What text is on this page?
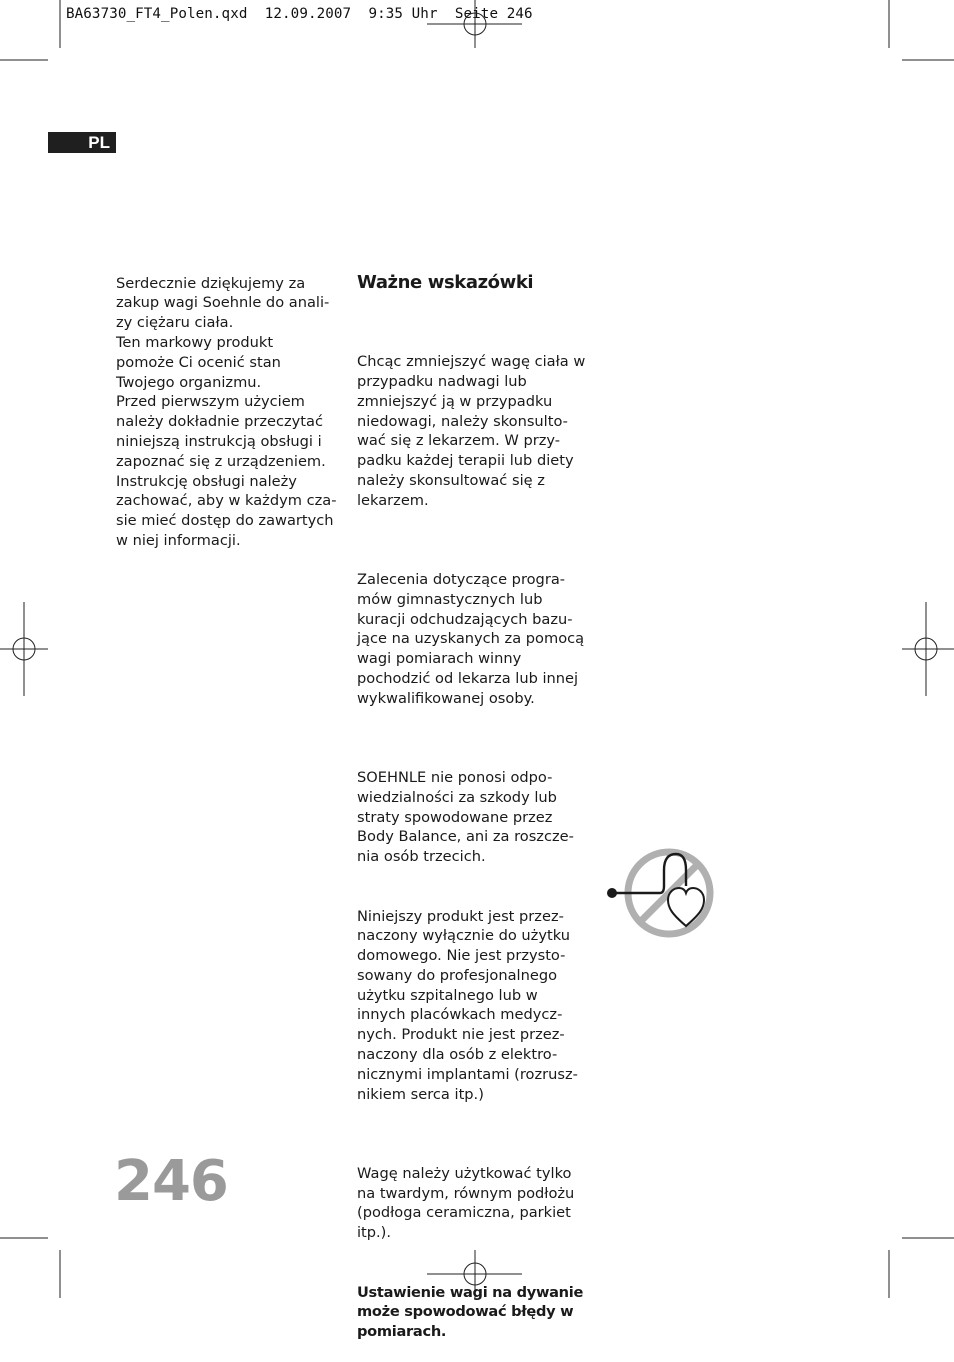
BA63730_FT4_Polen.qxd  12.09.2007  9:35 Uhr  Seite 246
PL

Serdecznie dziękujemy za
zakup wagi Soehnle do anali-
zy ciężaru ciała.
Ten markowy produkt
pomoże Ci ocenić stan
Twojego organizmu.
Przed pierwszym użyciem
należy dokładnie przeczytać
niniejszą instrukcją obsługi i
zapoznać się z urządzeniem.
Instrukcję obsługi należy
zachować, aby w każdym cza-
sie mieć dostęp do zawartych
w niej informacji.

Ważne wskazówki

Chcąc zmniejszyć wagę ciała w
przypadku nadwagi lub
zmniejszyć ją w przypadku
niedowagi, należy skonsulto-
wać się z lekarzem. W przy-
padku każdej terapii lub diety
należy skonsultować się z
lekarzem.

Zalecenia dotyczące progra-
mów gimnastycznych lub
kuracji odchudzających bazu-
jące na uzyskanych za pomocą
wagi pomiarach winny
pochodzić od lekarza lub innej
wykwalifikowanej osoby.

SOEHNLE nie ponosi odpo-
wiedzialności za szkody lub
straty spowodowane przez
Body Balance, ani za roszcze-
nia osób trzecich.

Niniejszy produkt jest przez-
naczony wyłącznie do użytku
domowego. Nie jest przysto-
sowany do profesjonalnego
użytku szpitalnego lub w
innych placówkach medycz-
nych. Produkt nie jest przez-
naczony dla osób z elektro-
nicznymi implantami (rozrusz-
nikiem serca itp.)

Wagę należy użytkować tylko
na twardym, równym podłożu
(podłoga ceramiczna, parkiet
itp.).

Ustawienie wagi na dywanie
może spowodować błędy w
pomiarach.

246
